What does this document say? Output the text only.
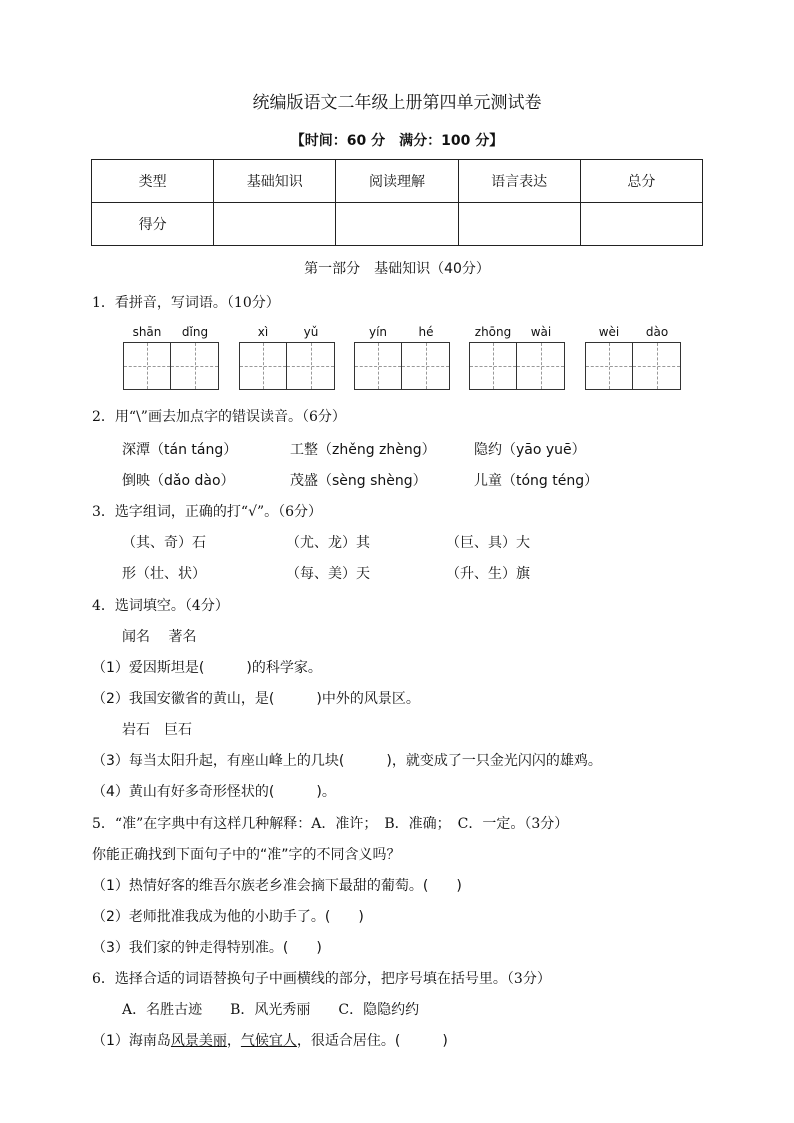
统编版语文二年级上册第四单元测试卷
【时间：60 分　满分：100 分】
类型	基础知识	阅读理解	语言表达	总分
得分				
第一部分　基础知识（40分）
1．看拼音，写词语。（10分）
shān	dǐng	xì	yǔ	yín	hé	zhōng	wài	wèi	dào
2．用“\”画去加点字的错误读音。（6分）
深潭（tán táng）	工整（zhěng zhèng）	隐约（yāo yuē）
倒映（dǎo dào）	茂盛（sèng shèng）	儿童（tóng téng）
3．选字组词，正确的打“√”。（6分）
（其、奇）石	（尤、龙）其	（巨、具）大
形（壮、状）	（每、美）天	（升、生）旗
4．选词填空。（4分）
闻名　 著名
（1）爱因斯坦是(　　　)的科学家。
（2）我国安徽省的黄山，是(　　　)中外的风景区。
岩石　巨石
（3）每当太阳升起，有座山峰上的几块(　　　)，就变成了一只金光闪闪的雄鸡。
（4）黄山有好多奇形怪状的(　　　)。
5．“准”在字典中有这样几种解释：A．准许；　B．准确；　C．一定。（3分）
你能正确找到下面句子中的“准”字的不同含义吗？
（1）热情好客的维吾尔族老乡准会摘下最甜的葡萄。(　　)
（2）老师批准我成为他的小助手了。(　　)
（3）我们家的钟走得特别准。(　　)
6．选择合适的词语替换句子中画横线的部分，把序号填在括号里。（3分）
A．名胜古迹　　B．风光秀丽　　C．隐隐约约
（1）海南岛风景美丽，气候宜人，很适合居住。(　　　)
